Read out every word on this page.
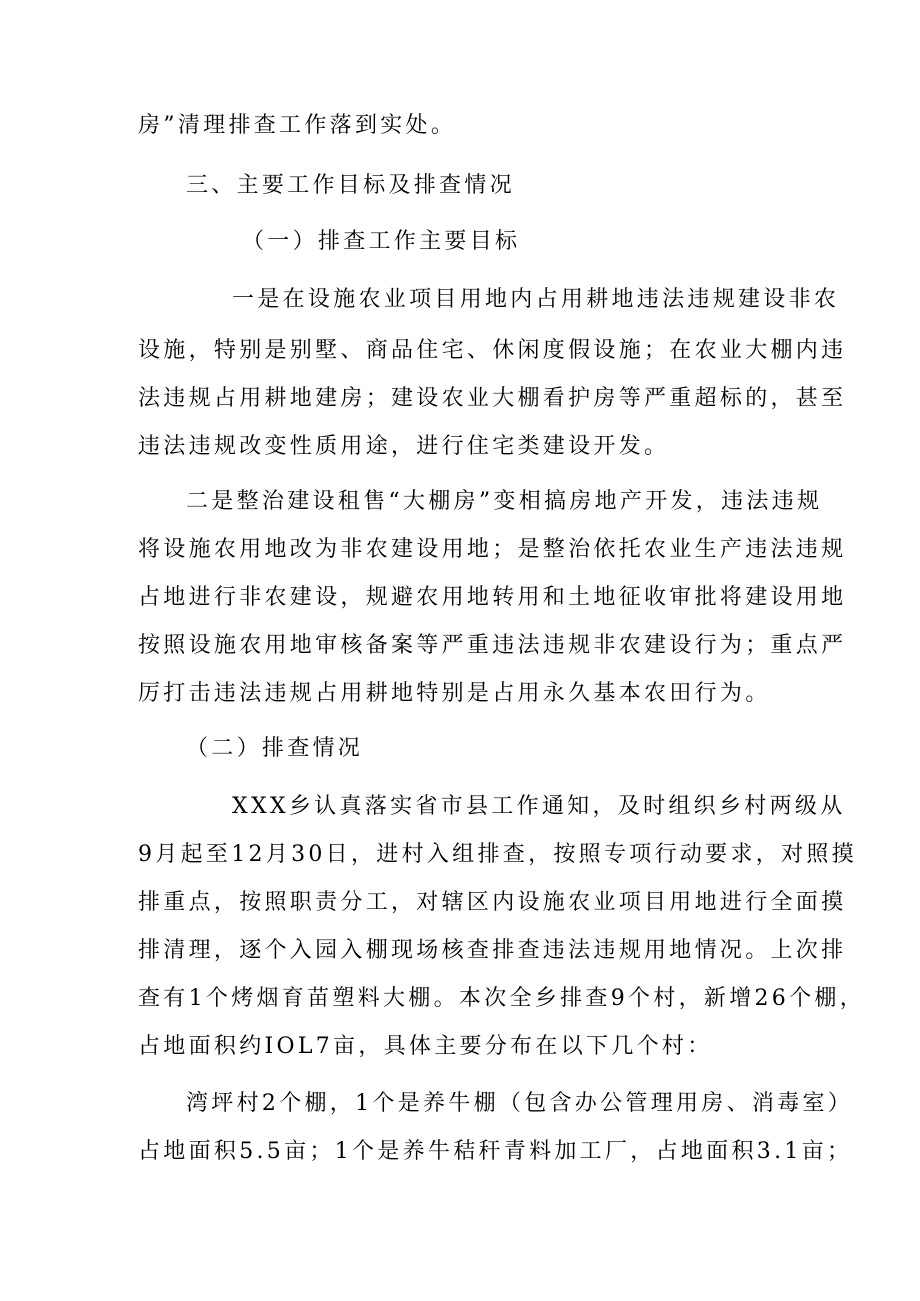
房”清理排查工作落到实处。
三、主要工作目标及排查情况
（一）排查工作主要目标
一是在设施农业项目用地内占用耕地违法违规建设非农
设施，特别是别墅、商品住宅、休闲度假设施；在农业大棚内违
法违规占用耕地建房；建设农业大棚看护房等严重超标的，甚至
违法违规改变性质用途，进行住宅类建设开发。
二是整治建设租售“大棚房”变相搞房地产开发，违法违规
将设施农用地改为非农建设用地；是整治依托农业生产违法违规
占地进行非农建设，规避农用地转用和土地征收审批将建设用地
按照设施农用地审核备案等严重违法违规非农建设行为；重点严
厉打击违法违规占用耕地特别是占用永久基本农田行为。
（二）排查情况
XXX乡认真落实省市县工作通知，及时组织乡村两级从
9月起至12月30日，进村入组排查，按照专项行动要求，对照摸
排重点，按照职责分工，对辖区内设施农业项目用地进行全面摸
排清理，逐个入园入棚现场核查排查违法违规用地情况。上次排
查有1个烤烟育苗塑料大棚。本次全乡排查9个村，新增26个棚，
占地面积约IOL7亩，具体主要分布在以下几个村：
湾坪村2个棚，1个是养牛棚（包含办公管理用房、消毒室）
占地面积5.5亩；1个是养牛秸秆青料加工厂，占地面积3.1亩；
